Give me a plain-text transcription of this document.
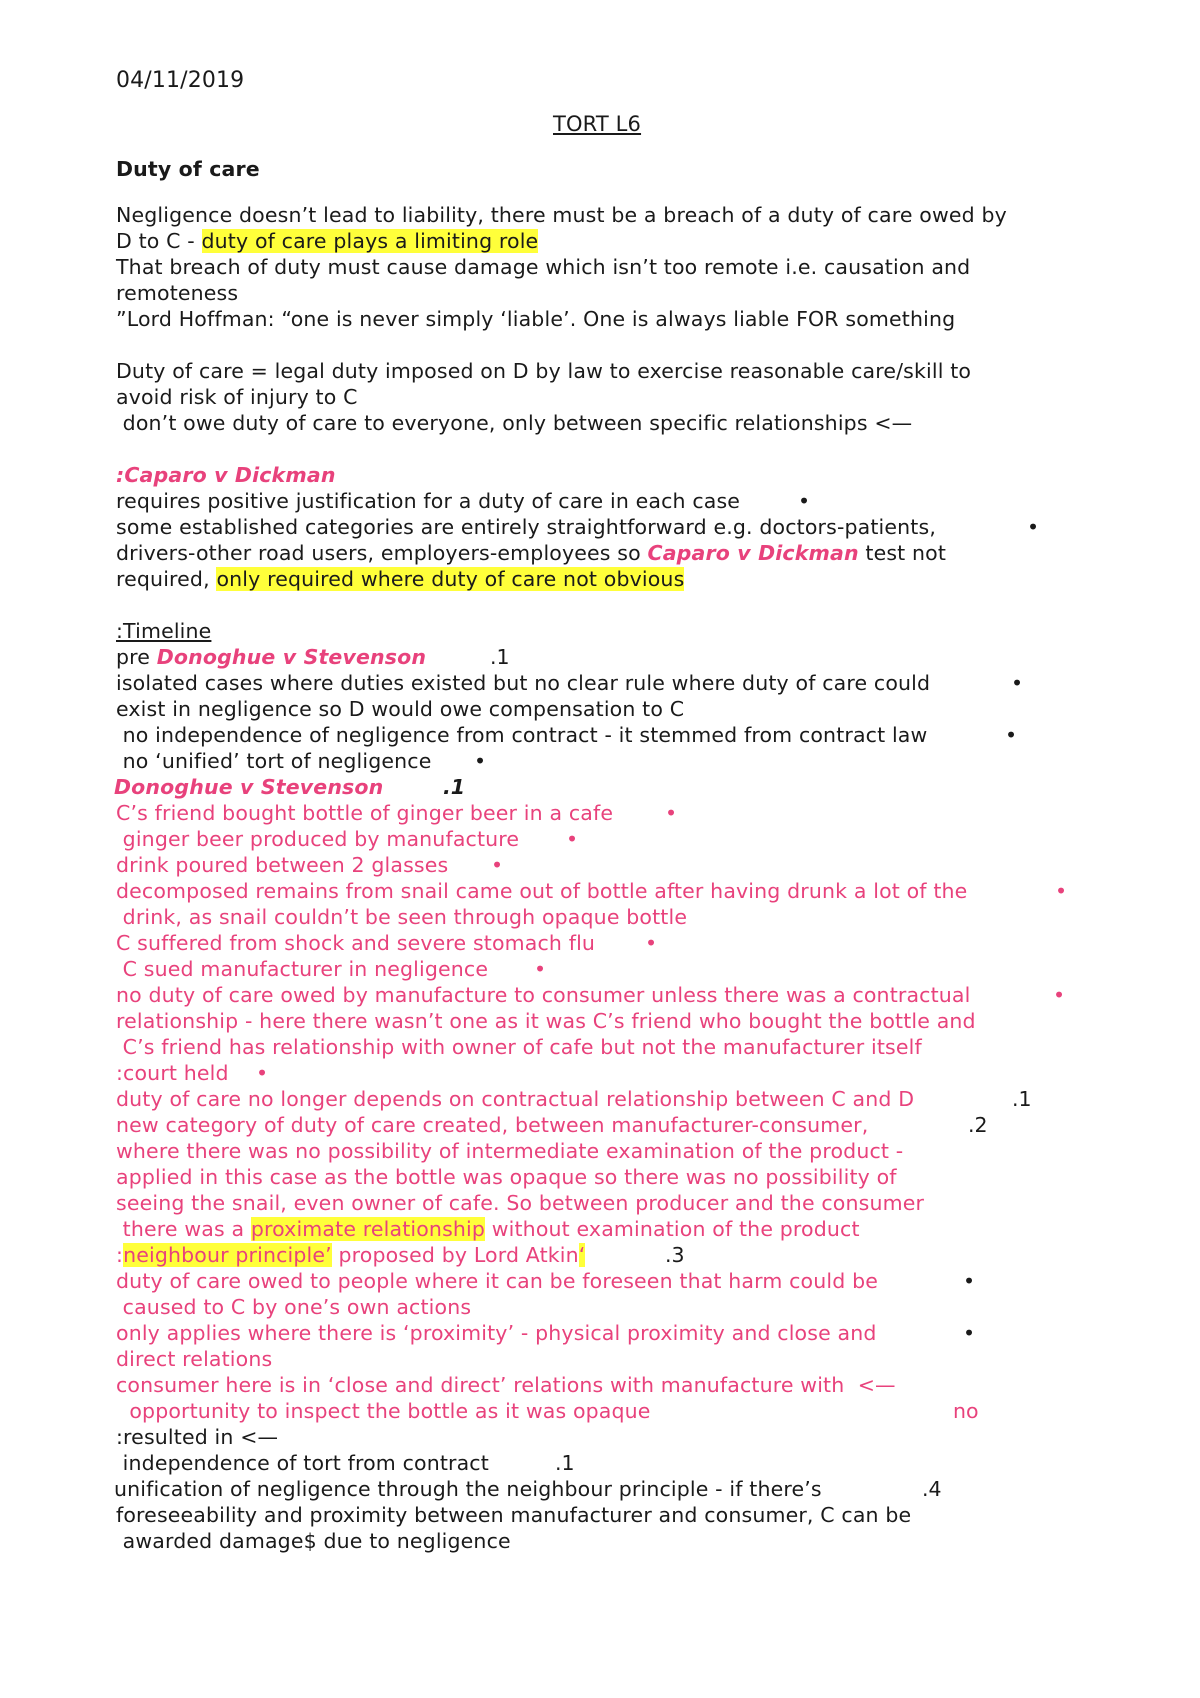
04/11/2019
TORT L6
Duty of care
Negligence doesn’t lead to liability, there must be a breach of a duty of care owed by
D to C - duty of care plays a limiting role
That breach of duty must cause damage which isn’t too remote i.e. causation and
remoteness
”Lord Hoffman: “one is never simply ‘liable’. One is always liable FOR something
Duty of care = legal duty imposed on D by law to exercise reasonable care/skill to
avoid risk of injury to C
don’t owe duty of care to everyone, only between specific relationships <—
:Caparo v Dickman
requires positive justification for a duty of care in each case	•
some established categories are entirely straightforward e.g. doctors-patients,	•
drivers-other road users, employers-employees so Caparo v Dickman test not
required, only required where duty of care not obvious
:Timeline
pre Donoghue v Stevenson	.1
isolated cases where duties existed but no clear rule where duty of care could	•
exist in negligence so D would owe compensation to C
no independence of negligence from contract - it stemmed from contract law	•
no ‘unified’ tort of negligence •
Donoghue v Stevenson	.1
C’s friend bought bottle of ginger beer in a cafe	•
ginger beer produced by manufacture •
drink poured between 2 glasses •
decomposed remains from snail came out of bottle after having drunk a lot of the	•
drink, as snail couldn’t be seen through opaque bottle
C suffered from shock and severe stomach flu •
C sued manufacturer in negligence •
no duty of care owed by manufacture to consumer unless there was a contractual	•
relationship - here there wasn’t one as it was C’s friend who bought the bottle and
C’s friend has relationship with owner of cafe but not the manufacturer itself
:court held •
duty of care no longer depends on contractual relationship between C and D	.1
new category of duty of care created, between manufacturer-consumer,	.2
where there was no possibility of intermediate examination of the product -
applied in this case as the bottle was opaque so there was no possibility of
seeing the snail, even owner of cafe. So between producer and the consumer
there was a proximate relationship without examination of the product
:neighbour principle’ proposed by Lord Atkin‘	.3
duty of care owed to people where it can be foreseen that harm could be	•
caused to C by one’s own actions
only applies where there is ‘proximity’ - physical proximity and close and	•
direct relations
consumer here is in ‘close and direct’ relations with manufacture with  <—
opportunity to inspect the bottle as it was opaque	no
:resulted in <—
independence of tort from contract	.1
unification of negligence through the neighbour principle - if there’s	.4
foreseeability and proximity between manufacturer and consumer, C can be
awarded damage$ due to negligence
